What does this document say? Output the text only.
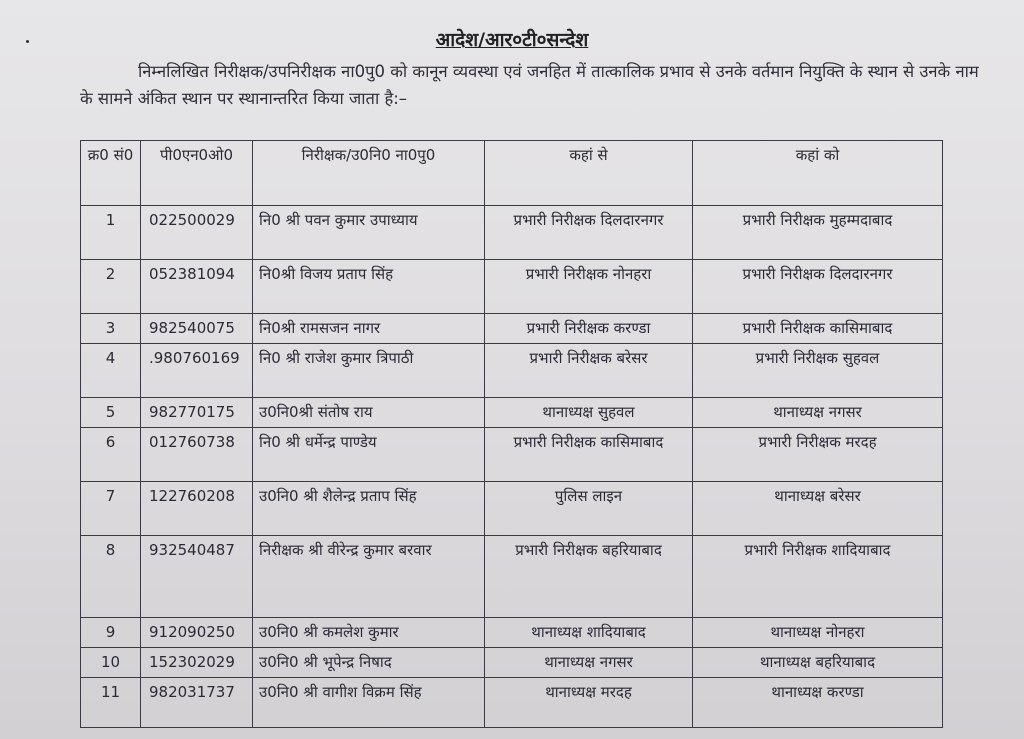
आदेश/आर०टी०सन्देश
निम्नलिखित निरीक्षक/उपनिरीक्षक ना0पु0 को कानून व्यवस्था एवं जनहित में तात्कालिक प्रभाव से उनके वर्तमान नियुक्ति के स्थान से उनके नाम के सामने अंकित स्थान पर स्थानान्तरित किया जाता है:–
क्र0 सं0	पी0एन0ओ0	निरीक्षक/उ0नि0 ना0पु0	कहां से	कहां को
1	022500029	नि0 श्री पवन कुमार उपाध्याय	प्रभारी निरीक्षक दिलदारनगर	प्रभारी निरीक्षक मुहम्मदाबाद
2	052381094	नि0श्री विजय प्रताप सिंह	प्रभारी निरीक्षक नोनहरा	प्रभारी निरीक्षक दिलदारनगर
3	982540075	नि0श्री रामसजन नागर	प्रभारी निरीक्षक करण्डा	प्रभारी निरीक्षक कासिमाबाद
4	.980760169	नि0 श्री राजेश कुमार त्रिपाठी	प्रभारी निरीक्षक बरेसर	प्रभारी निरीक्षक सुहवल
5	982770175	उ0नि0श्री संतोष राय	थानाध्यक्ष सुहवल	थानाध्यक्ष नगसर
6	012760738	नि0 श्री धर्मेन्द्र पाण्डेय	प्रभारी निरीक्षक कासिमाबाद	प्रभारी निरीक्षक मरदह
7	122760208	उ0नि0 श्री शैलेन्द्र प्रताप सिंह	पुलिस लाइन	थानाध्यक्ष बरेसर
8	932540487	निरीक्षक श्री वीरेन्द्र कुमार बरवार	प्रभारी निरीक्षक बहरियाबाद	प्रभारी निरीक्षक शादियाबाद
9	912090250	उ0नि0 श्री कमलेश कुमार	थानाध्यक्ष शादियाबाद	थानाध्यक्ष नोनहरा
10	152302029	उ0नि0 श्री भूपेन्द्र निषाद	थानाध्यक्ष नगसर	थानाध्यक्ष बहरियाबाद
11	982031737	उ0नि0 श्री वागीश विक्रम सिंह	थानाध्यक्ष मरदह	थानाध्यक्ष करण्डा
